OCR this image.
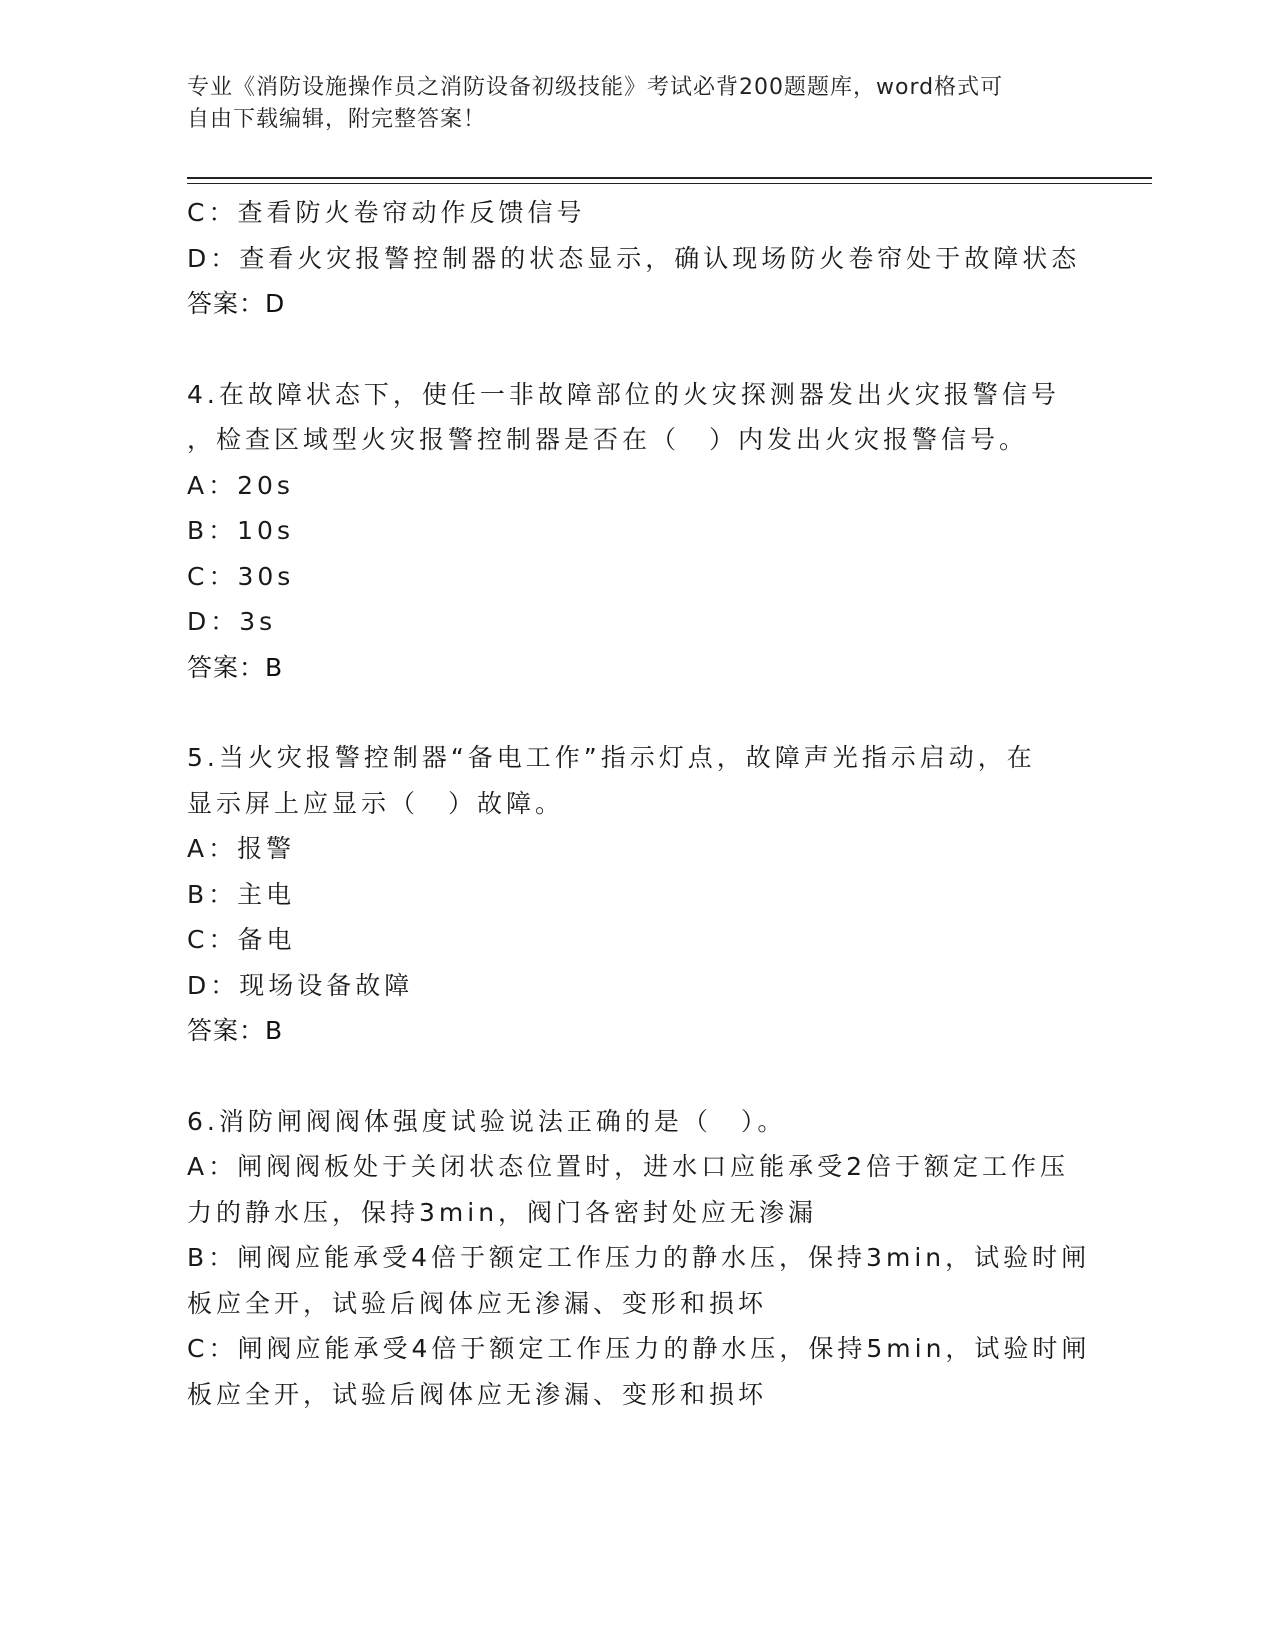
专业《消防设施操作员之消防设备初级技能》考试必背200题题库，word格式可
自由下载编辑，附完整答案！
C：查看防火卷帘动作反馈信号
D：查看火灾报警控制器的状态显示，确认现场防火卷帘处于故障状态
答案：D
4.在故障状态下，使任一非故障部位的火灾探测器发出火灾报警信号
，检查区域型火灾报警控制器是否在（　）内发出火灾报警信号。
A：20s
B：10s
C：30s
D：3s
答案：B
5.当火灾报警控制器“备电工作”指示灯点，故障声光指示启动，在
显示屏上应显示（　）故障。
A：报警
B：主电
C：备电
D：现场设备故障
答案：B
6.消防闸阀阀体强度试验说法正确的是（　）。
A：闸阀阀板处于关闭状态位置时，进水口应能承受2倍于额定工作压
力的静水压，保持3min，阀门各密封处应无渗漏
B：闸阀应能承受4倍于额定工作压力的静水压，保持3min，试验时闸
板应全开，试验后阀体应无渗漏、变形和损坏
C：闸阀应能承受4倍于额定工作压力的静水压，保持5min，试验时闸
板应全开，试验后阀体应无渗漏、变形和损坏
